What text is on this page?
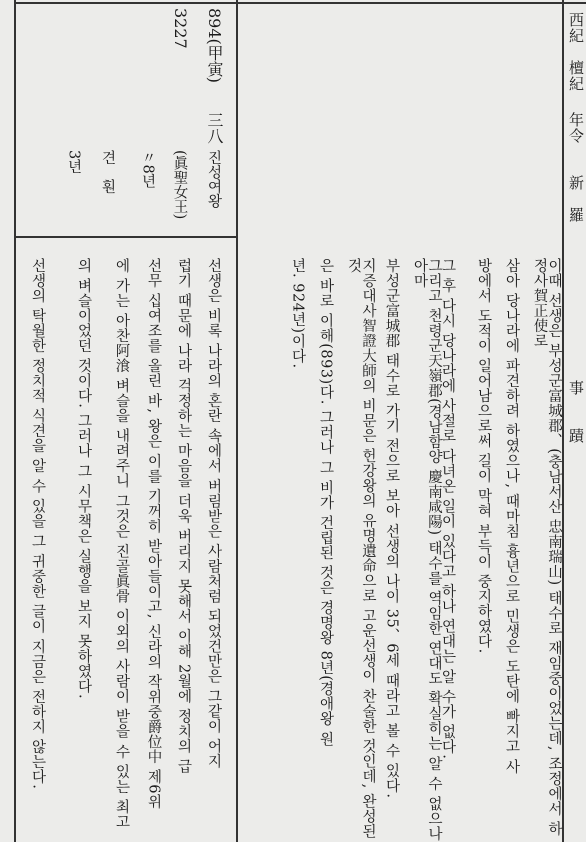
西紀
檀紀
年令
新　羅
事　　蹟
894(甲寅)
三八
3227
진성여왕
(眞聖女王)
〃8년
견　훤
3년
이때 선생은 부성군富城郡、(충남서산 忠南瑞山) 태수로 재임중이었는데, 조정에서 하정사賀正使로
삼아 당나라에 파견하려 하였으나, 때마침 흉년으로 민생은 도탄에 빠지고 사
방에서 도적이 일어남으로써 길이 막혀 부득이 중지하였다.
그 후 다시 당나라에 사절로 다녀온 일이 있다고 하나 연대는 알 수가 없다.
그리고 천령군天嶺郡(경남함양 慶南咸陽) 태수를 역임한 연대도 확실히는 알 수 없으나 아마
부성군富城郡 태수로 가기 전으로 보아 선생의 나이 35、6세 때라고 볼 수 있다.
지증대사智證大師의 비문은 헌강왕의 유명遺命으로 고운선생이 찬술한 것인데, 완성된 것
은 바로 이해(893)다. 그러나 그 비가 건립된 것은 경명왕 8년(경애왕 원
년. 924년)이다.
선생은 비록 나라의 혼란 속에서 버림받은 사람처럼 되었건만은 그같이 어지
럽기 때문에 나라 걱정하는 마음을 더욱 버리지 못해서 이해 2월에 정치의 급
선무 십여조를 올린 바, 왕은 이를 기꺼히 받아들이고, 신라의 작위중爵位中 제6위
에 가는 아찬阿湌 벼슬을 내려주니 그것은 진골眞骨 이외의 사람이 받을 수 있는 최고
의 벼슬이었던 것이다. 그러나 그 시무책은 실행을 보지 못하였다.
선생의 탁월한 정치적 식견을 알 수 있을 그 귀중한 글이 지금은 전하지 않는다.
